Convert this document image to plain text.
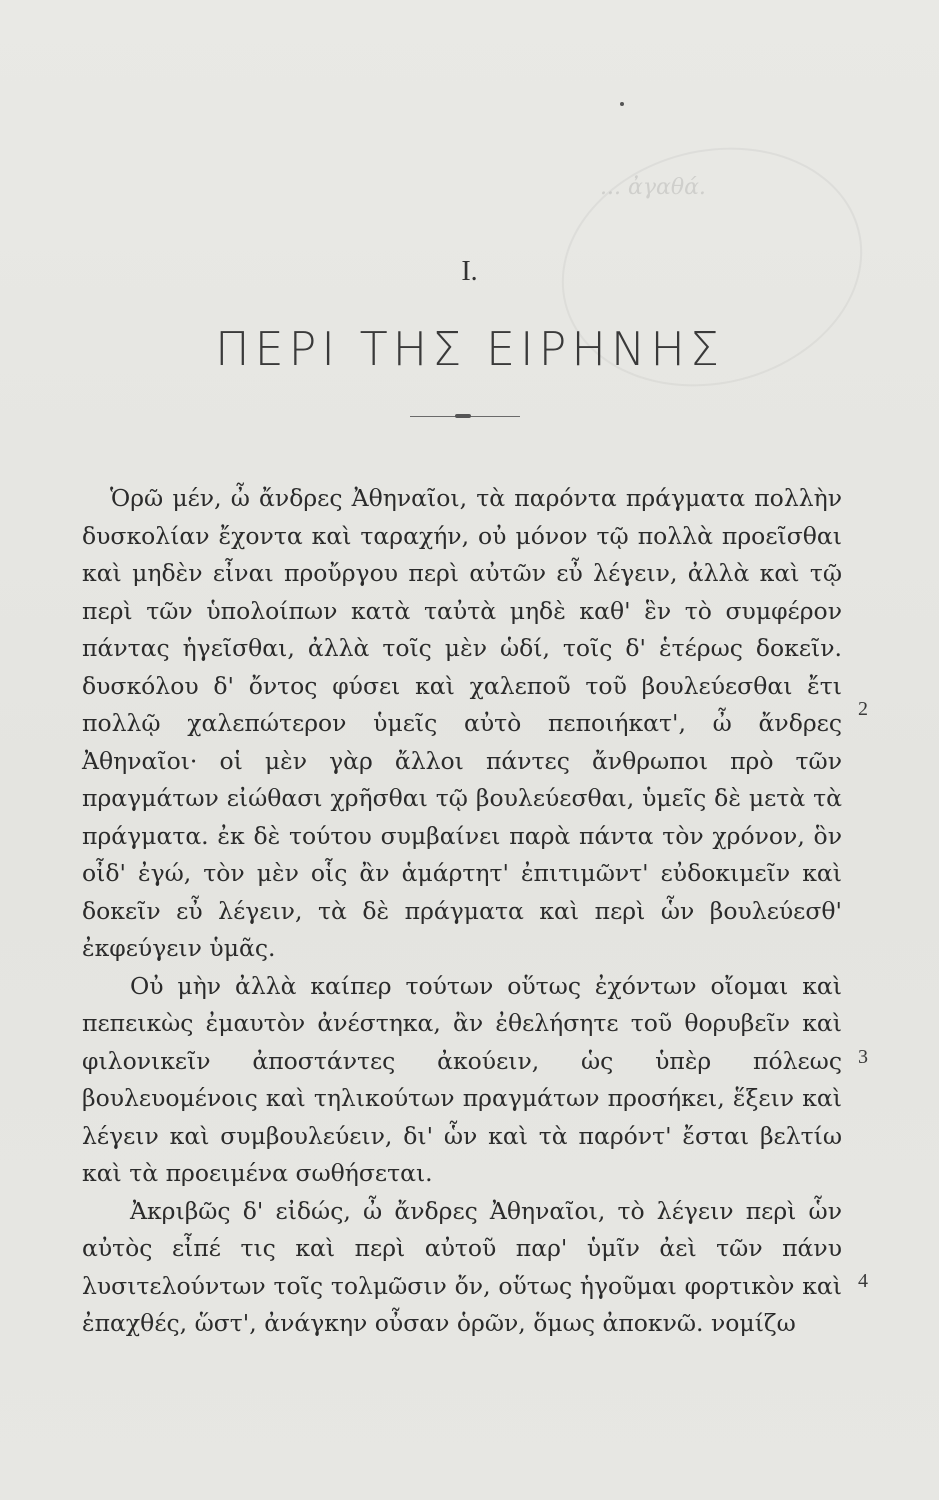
... ἀγαθά.
I.
ΠΕΡΙ ΤΗΣ ΕΙΡΗΝΗΣ

Ὁρῶ μέν, ὦ ἄνδρες Ἀθηναῖοι, τὰ παρόντα πράγματα πολλὴν δυσκολίαν ἔχοντα καὶ ταραχήν, οὐ μόνον τῷ πολλὰ προεῖσθαι καὶ μηδὲν εἶναι προὔργου περὶ αὐτῶν εὖ λέγειν, ἀλλὰ καὶ τῷ περὶ τῶν ὑπολοίπων κατὰ ταὐτὰ μηδὲ καθ' ἓν τὸ συμφέρον πάντας ἡγεῖσθαι, ἀλλὰ τοῖς μὲν ὡδί, τοῖς δ' ἑτέρως δοκεῖν. δυσκόλου δ' ὄντος φύσει καὶ χαλεποῦ τοῦ βουλεύεσθαι ἔτι πολλῷ χαλεπώτερον ὑμεῖς αὐτὸ πεποιήκατ', ὦ ἄνδρες Ἀθηναῖοι· οἱ μὲν γὰρ ἄλλοι πάντες ἄνθρωποι πρὸ τῶν πραγμάτων εἰώθασι χρῆσθαι τῷ βουλεύεσθαι, ὑμεῖς δὲ μετὰ τὰ πράγματα. ἐκ δὲ τούτου συμβαίνει παρὰ πάντα τὸν χρόνον, ὃν οἶδ' ἐγώ, τὸν μὲν οἷς ἂν ἁμάρτητ' ἐπιτιμῶντ' εὐδοκιμεῖν καὶ δοκεῖν εὖ λέγειν, τὰ δὲ πράγματα καὶ περὶ ὧν βουλεύεσθ' ἐκφεύγειν ὑμᾶς.

Οὐ μὴν ἀλλὰ καίπερ τούτων οὕτως ἐχόντων οἴομαι καὶ πεπεικὼς ἐμαυτὸν ἀνέστηκα, ἂν ἐθελήσητε τοῦ θορυβεῖν καὶ φιλονικεῖν ἀποστάντες ἀκούειν, ὡς ὑπὲρ πόλεως βουλευομένοις καὶ τηλικούτων πραγμάτων προσήκει, ἕξειν καὶ λέγειν καὶ συμβουλεύειν, δι' ὧν καὶ τὰ παρόντ' ἔσται βελτίω καὶ τὰ προειμένα σωθήσεται.

Ἀκριβῶς δ' εἰδώς, ὦ ἄνδρες Ἀθηναῖοι, τὸ λέγειν περὶ ὧν αὐτὸς εἶπέ τις καὶ περὶ αὐτοῦ παρ' ὑμῖν ἀεὶ τῶν πάνυ λυσιτελούντων τοῖς τολμῶσιν ὄν, οὕτως ἡγοῦμαι φορτικὸν καὶ ἐπαχθές, ὥστ', ἀνάγκην οὖσαν ὁρῶν, ὅμως ἀποκνῶ. νομίζω

2
3
4
